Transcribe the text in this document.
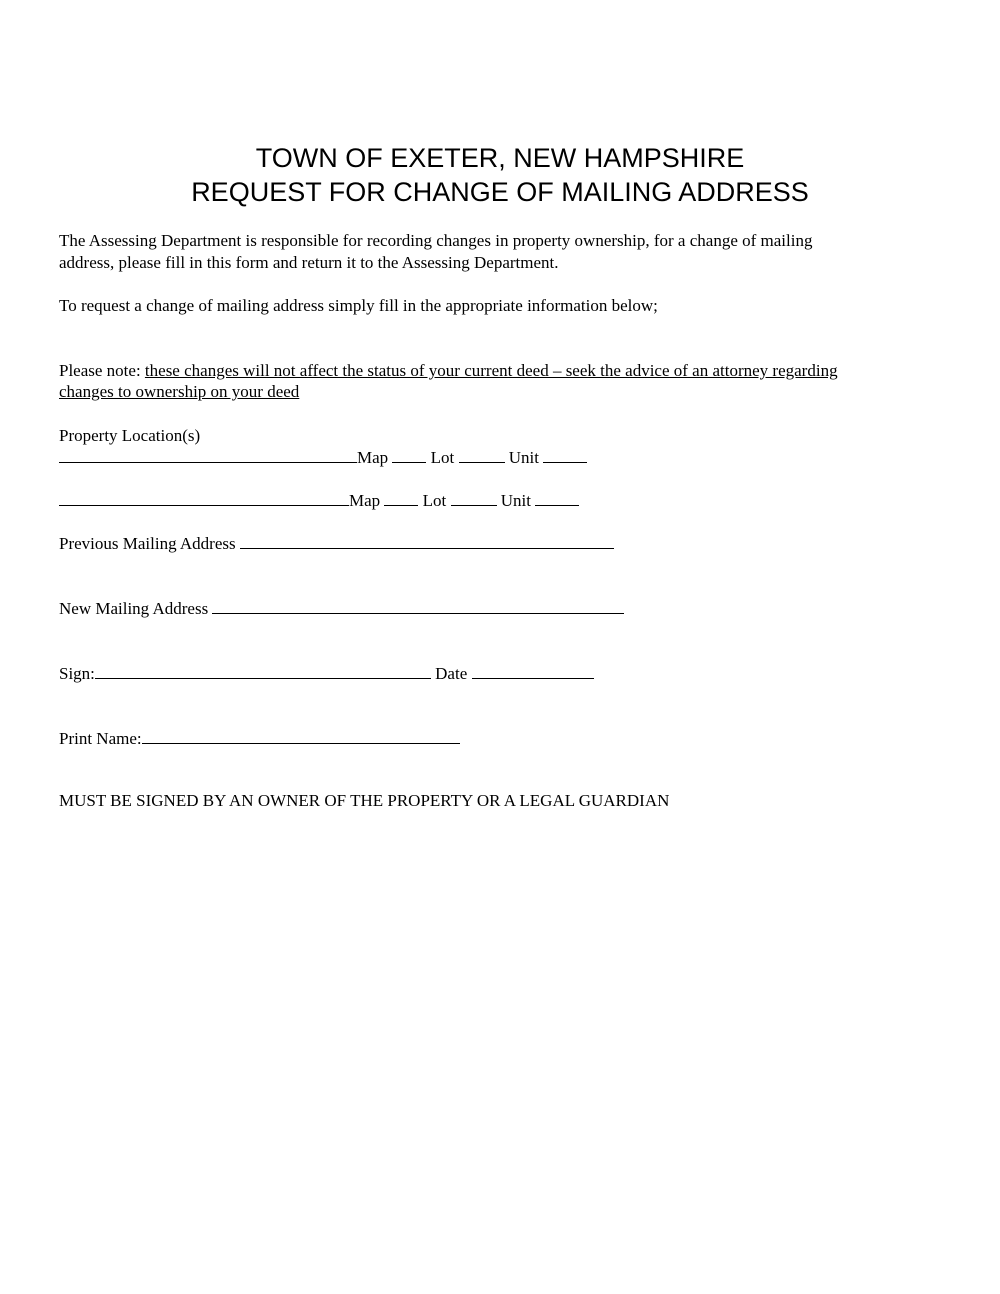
TOWN OF EXETER, NEW HAMPSHIRE
REQUEST FOR CHANGE OF MAILING ADDRESS
The Assessing Department is responsible for recording changes in property ownership, for a change of mailing
address, please fill in this form and return it to the Assessing Department.
To request a change of mailing address simply fill in the appropriate information below;
Please note: these changes will not affect the status of your current deed – seek the advice of an attorney regarding
changes to ownership on your deed
Property Location(s)
Map	Lot	Unit
Map	Lot	Unit
Previous Mailing Address
New Mailing Address
Sign:	Date
Print Name:
MUST BE SIGNED BY AN OWNER OF THE PROPERTY OR A LEGAL GUARDIAN
